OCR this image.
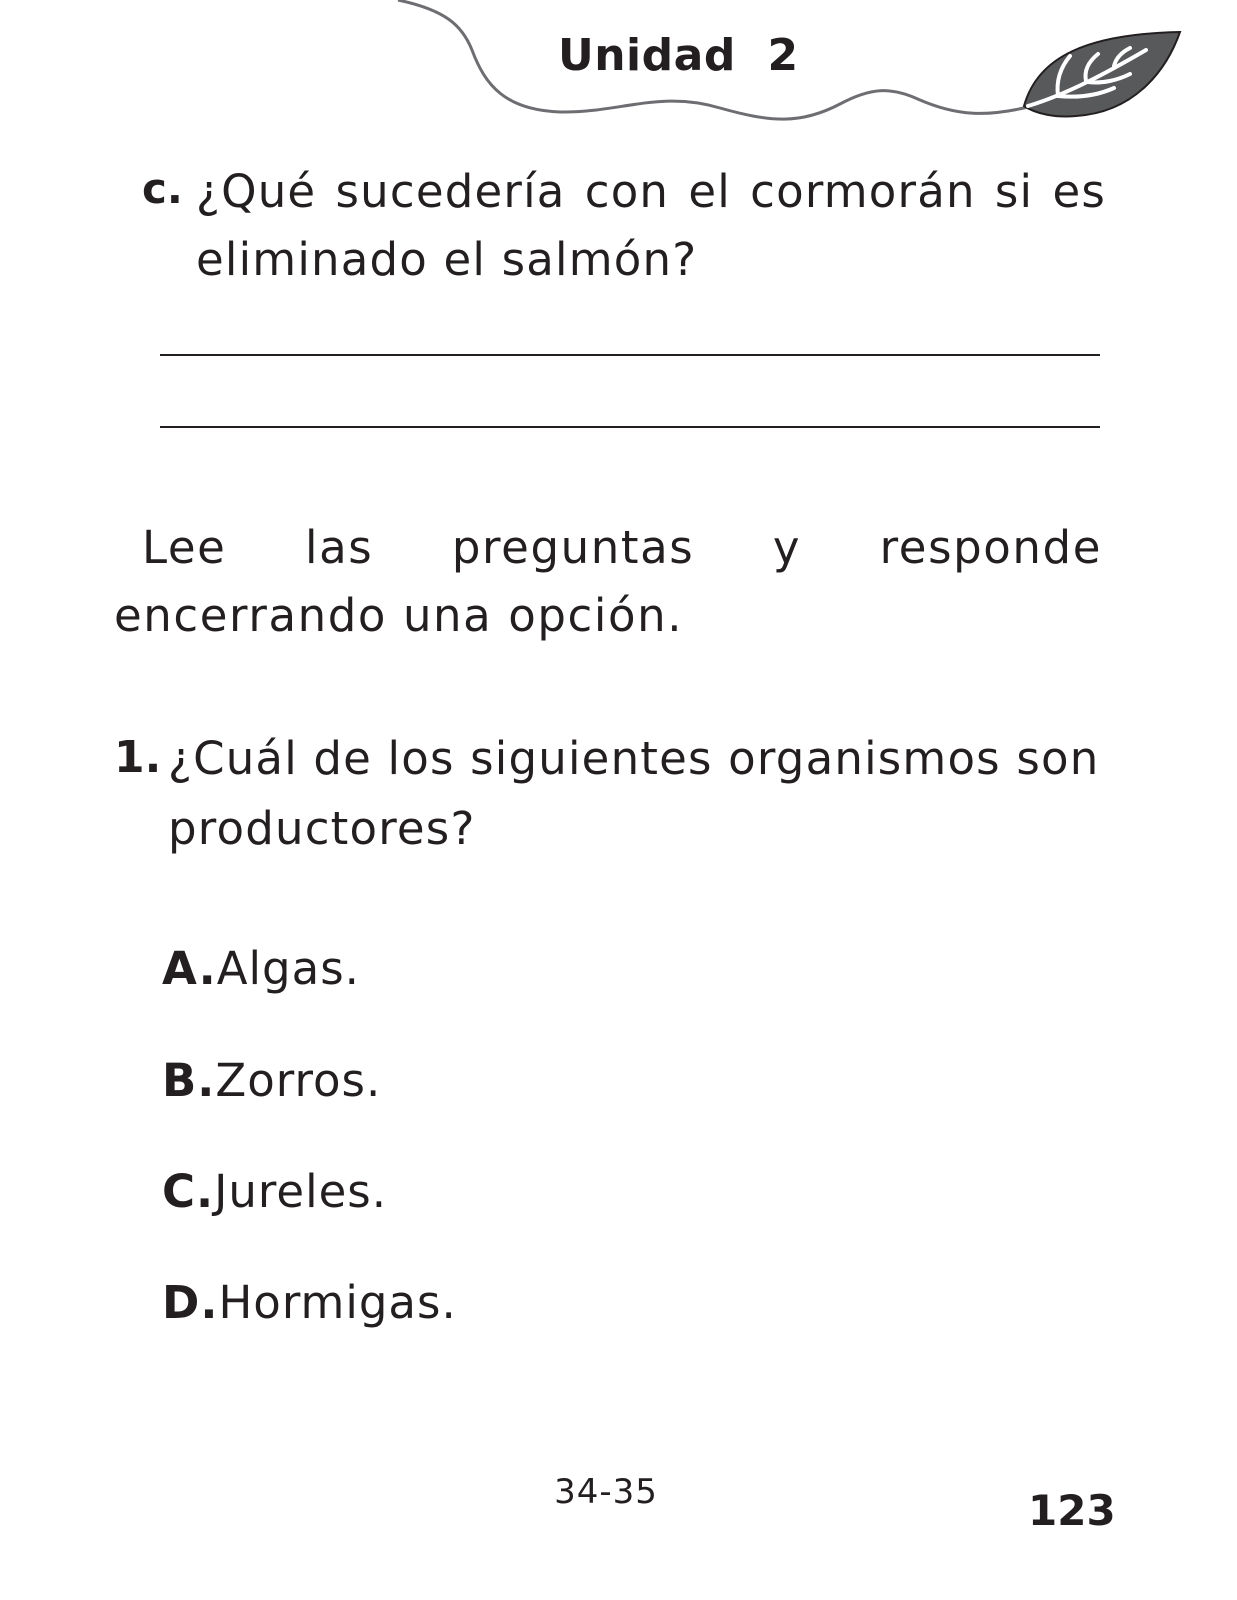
Unidad  2
c. ¿Qué sucedería con el cormorán si es eliminado el salmón?
Lee las preguntas y responde encerrando una opción.
1. ¿Cuál de los siguientes organismos son productores?
A.Algas.
B.Zorros.
C.Jureles.
D.Hormigas.
34-35	123
